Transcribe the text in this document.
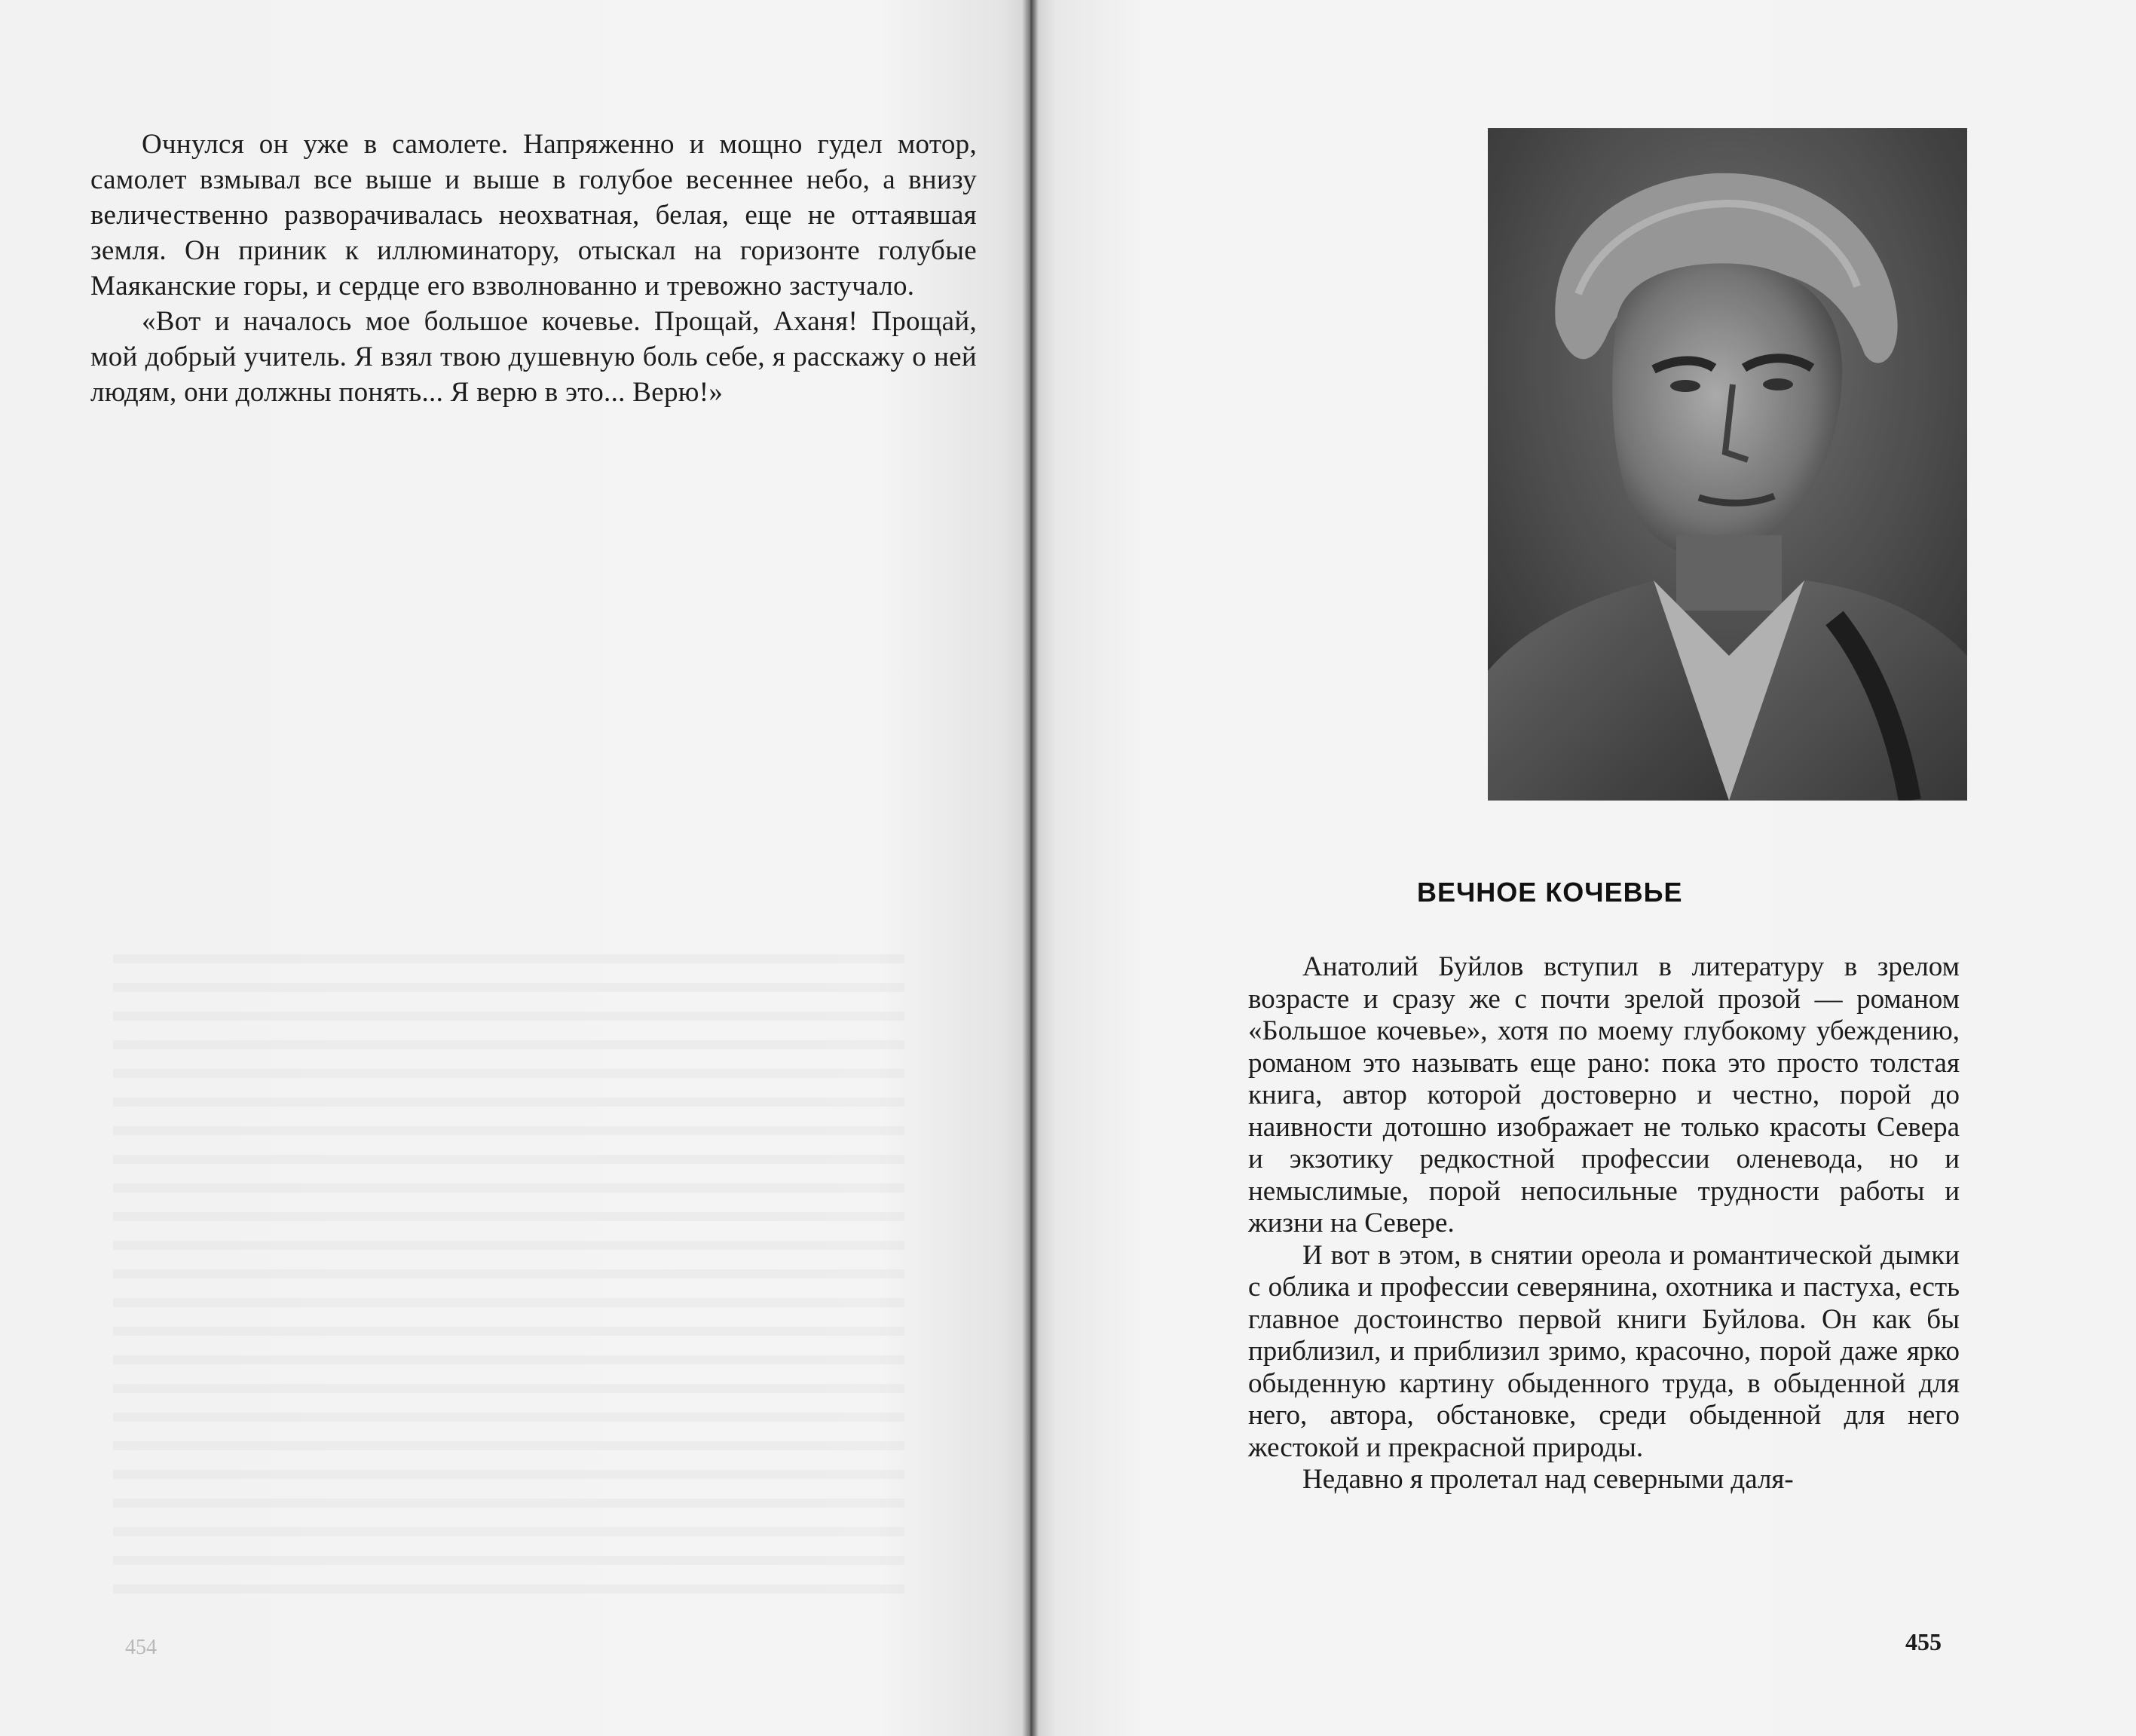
Очнулся он уже в самолете. Напряженно и мощно гудел мотор, самолет взмывал все выше и выше в голубое весеннее небо, а внизу величественно разворачивалась неохватная, белая, еще не оттаявшая земля. Он приник к иллюминатору, отыскал на горизонте голубые Маяканские горы, и сердце его взволнованно и тревожно застучало.

«Вот и началось мое большое кочевье. Прощай, Аханя! Прощай, мой добрый учитель. Я взял твою душевную боль себе, я расскажу о ней людям, они должны понять... Я верю в это... Верю!»

454
ВЕЧНОЕ КОЧЕВЬЕ

Анатолий Буйлов вступил в литературу в зрелом возрасте и сразу же с почти зрелой прозой — романом «Большое кочевье», хотя по моему глубокому убеждению, романом это называть еще рано: пока это просто толстая книга, автор которой достоверно и честно, порой до наивности дотошно изображает не только красоты Севера и экзотику редкостной профессии оленевода, но и немыслимые, порой непосильные трудности работы и жизни на Севере.

И вот в этом, в снятии ореола и романтической дымки с облика и профессии северянина, охотника и пастуха, есть главное достоинство первой книги Буйлова. Он как бы приблизил, и приблизил зримо, красочно, порой даже ярко обыденную картину обыденного труда, в обыденной для него, автора, обстановке, среди обыденной для него жестокой и прекрасной природы.

Недавно я пролетал над северными даля-

455
